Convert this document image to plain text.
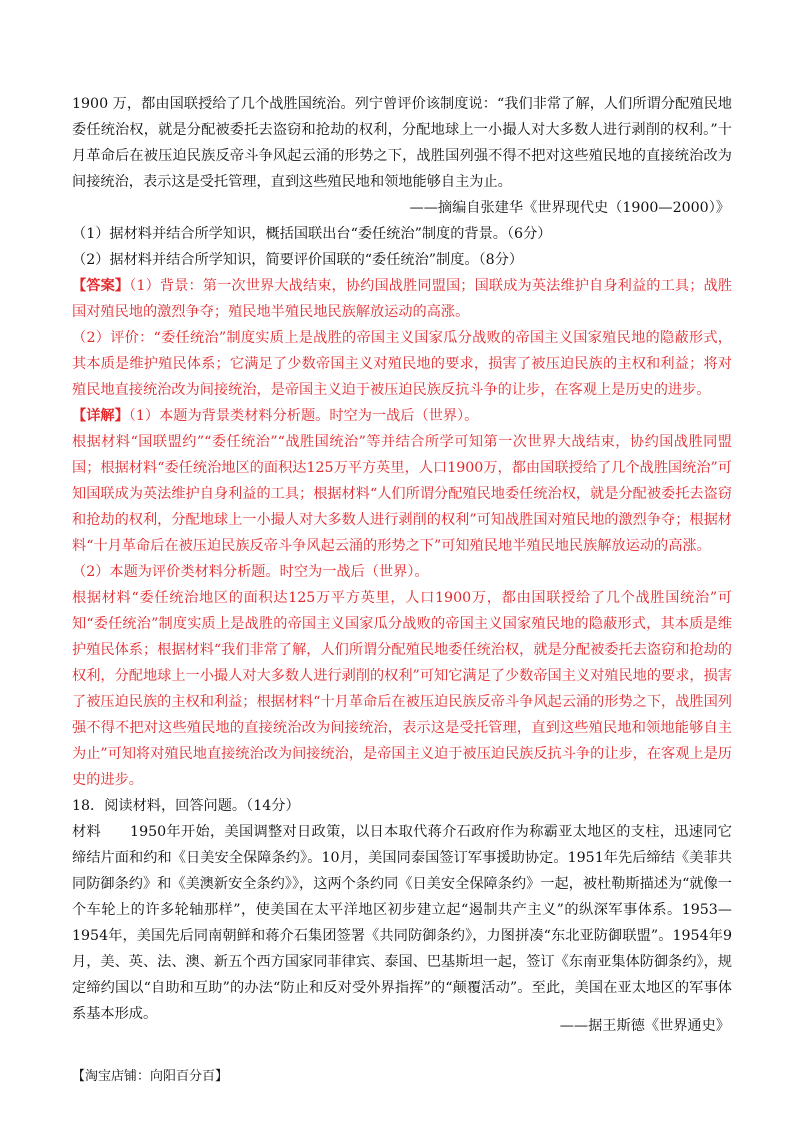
1900 万，都由国联授给了几个战胜国统治。列宁曾评价该制度说：“我们非常了解，人们所谓分配殖民地委任统治权，就是分配被委托去盗窃和抢劫的权利，分配地球上一小撮人对大多数人进行剥削的权利。”十月革命后在被压迫民族反帝斗争风起云涌的形势之下，战胜国列强不得不把对这些殖民地的直接统治改为间接统治，表示这是受托管理，直到这些殖民地和领地能够自主为止。

——摘编自张建华《世界现代史（1900—2000）》

（1）据材料并结合所学知识，概括国联出台“委任统治”制度的背景。（6分）

（2）据材料并结合所学知识，简要评价国联的“委任统治”制度。（8分）

【答案】（1）背景：第一次世界大战结束，协约国战胜同盟国；国联成为英法维护自身利益的工具；战胜国对殖民地的激烈争夺；殖民地半殖民地民族解放运动的高涨。

（2）评价：“委任统治”制度实质上是战胜的帝国主义国家瓜分战败的帝国主义国家殖民地的隐蔽形式，其本质是维护殖民体系；它满足了少数帝国主义对殖民地的要求，损害了被压迫民族的主权和利益；将对殖民地直接统治改为间接统治，是帝国主义迫于被压迫民族反抗斗争的让步，在客观上是历史的进步。

【详解】（1）本题为背景类材料分析题。时空为一战后（世界）。

根据材料“国联盟约”“委任统治”“战胜国统治”等并结合所学可知第一次世界大战结束，协约国战胜同盟国；根据材料“委任统治地区的面积达125万平方英里，人口1900万，都由国联授给了几个战胜国统治”可知国联成为英法维护自身利益的工具；根据材料“人们所谓分配殖民地委任统治权，就是分配被委托去盗窃和抢劫的权利，分配地球上一小撮人对大多数人进行剥削的权利”可知战胜国对殖民地的激烈争夺；根据材料“十月革命后在被压迫民族反帝斗争风起云涌的形势之下”可知殖民地半殖民地民族解放运动的高涨。

（2）本题为评价类材料分析题。时空为一战后（世界）。

根据材料“委任统治地区的面积达125万平方英里，人口1900万，都由国联授给了几个战胜国统治”可知“委任统治”制度实质上是战胜的帝国主义国家瓜分战败的帝国主义国家殖民地的隐蔽形式，其本质是维护殖民体系；根据材料“我们非常了解，人们所谓分配殖民地委任统治权，就是分配被委托去盗窃和抢劫的权利，分配地球上一小撮人对大多数人进行剥削的权利”可知它满足了少数帝国主义对殖民地的要求，损害了被压迫民族的主权和利益；根据材料“十月革命后在被压迫民族反帝斗争风起云涌的形势之下，战胜国列强不得不把对这些殖民地的直接统治改为间接统治，表示这是受托管理，直到这些殖民地和领地能够自主为止”可知将对殖民地直接统治改为间接统治，是帝国主义迫于被压迫民族反抗斗争的让步，在客观上是历史的进步。

18．阅读材料，回答问题。（14分）

材料　　1950年开始，美国调整对日政策，以日本取代蒋介石政府作为称霸亚太地区的支柱，迅速同它缔结片面和约和《日美安全保障条约》。10月，美国同泰国签订军事援助协定。1951年先后缔结《美菲共同防御条约》和《美澳新安全条约》》，这两个条约同《日美安全保障条约》一起，被杜勒斯描述为“就像一个车轮上的许多轮轴那样”，使美国在太平洋地区初步建立起“遏制共产主义”的纵深军事体系。1953—1954年，美国先后同南朝鲜和蒋介石集团签署《共同防御条约》，力图拼凑“东北亚防御联盟”。1954年9月，美、英、法、澳、新五个西方国家同菲律宾、泰国、巴基斯坦一起，签订《东南亚集体防御条约》，规定缔约国以“自助和互助”的办法“防止和反对受外界指挥”的“颠覆活动”。至此，美国在亚太地区的军事体系基本形成。

——据王斯德《世界通史》
【淘宝店铺：向阳百分百】
